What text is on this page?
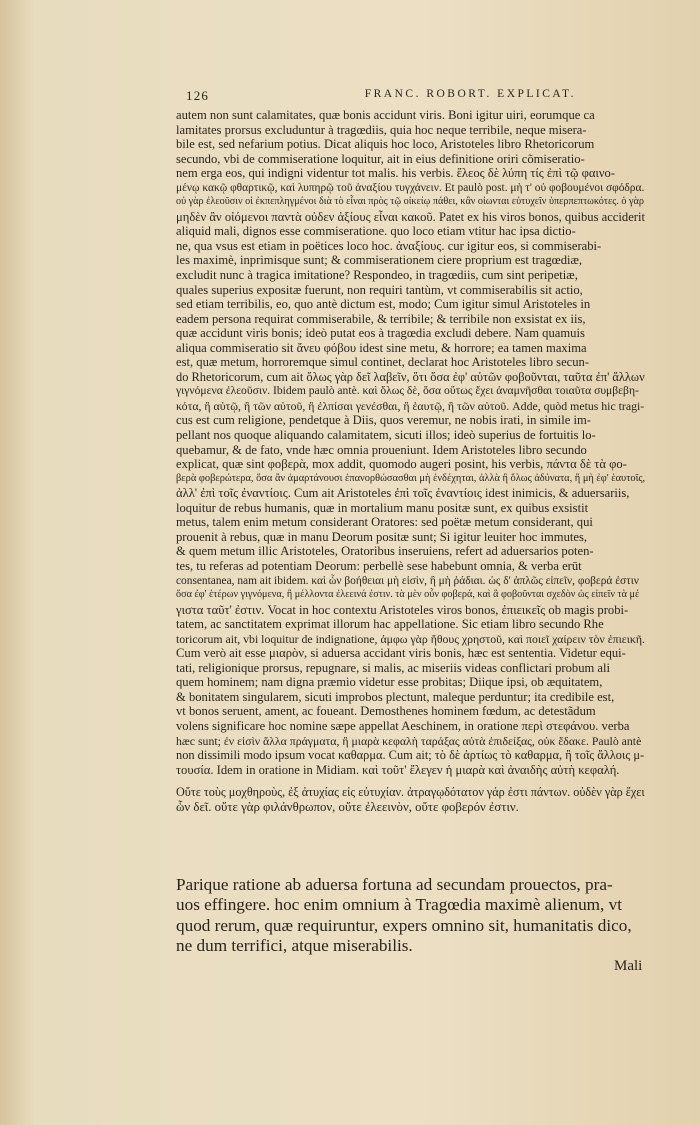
126	FRANC. ROBORT. EXPLICAT.
autem non sunt calamitates, quæ bonis accidunt viris. Boni igitur uiri, eorumque ca
lamitates prorsus excluduntur à tragœdiis, quia hoc neque terribile, neque misera-
bile est, sed nefarium potius. Dicat aliquis hoc loco, Aristoteles libro Rhetoricorum
secundo, vbi de commiseratione loquitur, ait in eius definitione oriri cõmiseratio-
nem erga eos, qui indigni videntur tot malis. his verbis. ἔλεος δὲ λύπη τίς ἐπὶ τῷ φαινο-
» μένῳ κακῷ φθαρτικῷ, καὶ λυπηρῷ τοῦ ἀναξίου τυγχάνειν. Et paulò post. μὴ τ' οὐ φοβουμένοι σφόδρα.
» οὐ γὰρ ἐλεοῦσιν οἱ ἐκπεπληγμένοι διὰ τὸ εἶναι πρὸς τῷ οἰκείῳ πάθει, κἂν οἰωνται εὐτυχεῖν ὑπερπεπτωκότες. ὁ γὰρ
» μηδὲν ἂν οἰόμενοι παντὰ οὐδεν ἀξίους εἶναι κακοῦ. Patet ex his viros bonos, quibus acciderit
aliquid mali, dignos esse commiseratione. quo loco etiam vtitur hac ipsa dictio-
ne, qua vsus est etiam in poëtices loco hoc. ἀναξίους. cur igitur eos, si commiserabi-
les maximè, inprimisque sunt; & commiserationem ciere proprium est tragœdiæ,
excludit nunc à tragica imitatione? Respondeo, in tragœdiis, cum sint peripetiæ,
quales superius expositæ fuerunt, non requiri tantùm, vt commiserabilis sit actio,
sed etiam terribilis, eo, quo antè dictum est, modo; Cum igitur simul Aristoteles in
eadem persona requirat commiserabile, & terribile; & terribile non exsistat ex iis,
quæ accidunt viris bonis; ideò putat eos à tragœdia excludi debere. Nam quamuis
aliqua commiseratio sit ἄνευ φόβου idest sine metu, & horrore; ea tamen maxima
est, quæ metum, horroremque simul continet, declarat hoc Aristoteles libro secun-
» do Rhetoricorum, cum ait ὅλως γὰρ δεῖ λαβεῖν, ὅτι ὅσα ἐφ' αὑτῶν φοβοῦνται, ταῦτα ἐπ' ἄλλων
» γιγνόμενα ἐλεοῦσιν. Ibidem paulò antè. καὶ ὅλως δὲ, ὅσα οὕτως ἔχει ἀναμνῆσθαι τοιαῦτα συμβεβη-
» κότα, ἢ αὐτῷ, ἢ τῶν αὐτοῦ, ἢ ἐλπίσαι γενέσθαι, ἢ ἑαυτῷ, ἢ τῶν αὐτοῦ. Adde, quòd metus hic tragi-
cus est cum religione, pendetque à Diis, quos veremur, ne nobis irati, in simile im-
pellant nos quoque aliquando calamitatem, sicuti illos; ideò superius de fortuitis lo-
quebamur, & de fato, vnde hæc omnia proueniunt. Idem Aristoteles libro secundo
explicat, quæ sint φοβερὰ, mox addit, quomodo augeri posint, his verbis, πάντα δὲ τὰ φο-
» βερὰ φοβερώτερα, ὅσα ἂν ἁμαρτάνουσι ἐπανορθώσασθαι μὴ ἐνδέχηται, ἀλλὰ ἢ ὅλως ἀδύνατα, ἢ μὴ ἐφ' ἑαυτοῖς,
» ἀλλ' ἐπὶ τοῖς ἐναντίοις. Cum ait Aristoteles ἐπὶ τοῖς ἐναντίοις idest inimicis, & aduersariis,
loquitur de rebus humanis, quæ in mortalium manu positæ sunt, ex quibus exsistit
metus, talem enim metum considerant Oratores: sed poëtæ metum considerant, qui
prouenit à rebus, quæ in manu Deorum positæ sunt; Si igitur leuiter hoc immutes,
& quem metum illic Aristoteles, Oratoribus inseruiens, refert ad aduersarios poten-
tes, tu referas ad potentiam Deorum: perbellè sese habebunt omnia, & verba erūt
consentanea, nam ait ibidem. καὶ ὧν βοήθειαι μὴ εἰσὶν, ἢ μὴ ῥάδιαι. ὡς δ' ἁπλῶς εἰπεῖν, φοβερά ἐστιν
» ὅσα ἐφ' ἑτέρων γιγνόμενα, ἢ μέλλοντα ἐλεεινά ἐστιν. τὰ μὲν οὖν φοβερά, καὶ ἃ φοβοῦνται σχεδὸν ὡς εἰπεῖν τὰ μέ
» γιστα ταῦτ' ἐστιν. Vocat in hoc contextu Aristoteles viros bonos, ἐπιεικεῖς ob magis probi-
tatem, ac sanctitatem exprimat illorum hac appellatione. Sic etiam libro secundo Rhe
toricorum ait, vbi loquitur de indignatione, ἀμφω γὰρ ἤθους χρηστοῦ, καὶ ποιεῖ χαίρειν τὸν ἐπιεικῆ.
Cum verò ait esse μιαρὸν, si aduersa accidant viris bonis, hæc est sententia. Videtur equi-
tati, religionique prorsus, repugnare, si malis, ac miseriis videas conflictari probum ali
quem hominem; nam digna præmio videtur esse probitas; Diique ipsi, ob æquitatem,
& bonitatem singularem, sicuti improbos plectunt, maleque perduntur; ita credibile est,
vt bonos seruent, ament, ac foueant. Demosthenes hominem fœdum, ac detestãdum
volens significare hoc nomine sæpe appellat Aeschinem, in oratione περὶ στεφάνου. verba
hæc sunt; ἐν εἰσὶν ἄλλα πράγματα, ἢ μιαρὰ κεφαλὴ ταράξας αὐτὰ ἐπιδείξας, οὐκ ἔδακε. Paulò antè
non dissimili modo ipsum vocat καθαρμα. Cum ait; τὸ δὲ ἀρτίως τὸ καθαρμα, ἢ τοῖς ἄλλοις μ-
τουσία. Idem in oratione in Midiam. καὶ τοῦτ' ἔλεγεν ἡ μιαρὰ καὶ ἀναιδὴς αὐτὴ κεφαλή.
» Οὔτε τοὺς μοχθηροὺς, ἐξ ἀτυχίας εἰς εὐτυχίαν. ἀτραγῳδότατον γάρ ἐστι πάντων. οὐδὲν γὰρ ἔχει
ὧν δεῖ. οὔτε γὰρ φιλάνθρωπον, οὔτε ἐλεεινὸν, οὔτε φοβερόν ἐστιν.
» Parique ratione ab aduersa fortuna ad secundam prouectos, pra-
» uos effingere. hoc enim omnium à Tragœdia maximè alienum, vt
» quod rerum, quæ requiruntur, expers omnino sit, humanitatis dico,
» ne dum terrifici, atque miserabilis.
Mali
